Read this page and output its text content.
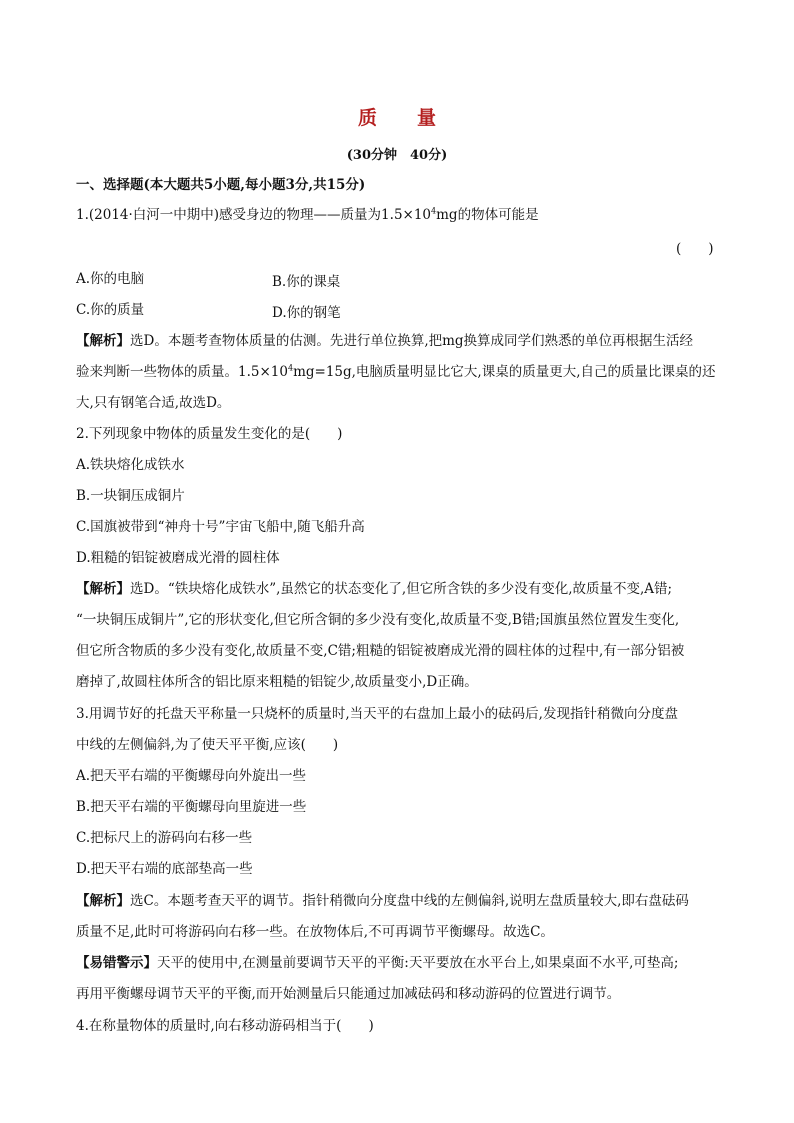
质 量
(30分钟　40分)
一、选择题(本大题共5小题,每小题3分,共15分)
1.(2014·白河一中期中)感受身边的物理——质量为$1.5\times 10^4mg$的物体可能是
(　　)
A.你的电脑	B.你的课桌
C.你的质量	D.你的钢笔
【解析】选D。本题考查物体质量的估测。先进行单位换算,把mg换算成同学们熟悉的单位再根据生活经
验来判断一些物体的质量。$1.5\times 10^4mg=15g$,电脑质量明显比它大,课桌的质量更大,自己的质量比课桌的还
大,只有钢笔合适,故选D。
2.下列现象中物体的质量发生变化的是(　　)
A.铁块熔化成铁水
B.一块铜压成铜片
C.国旗被带到“神舟十号”宇宙飞船中,随飞船升高
D.粗糙的铝锭被磨成光滑的圆柱体
【解析】选D。“铁块熔化成铁水”,虽然它的状态变化了,但它所含铁的多少没有变化,故质量不变,A错;
“一块铜压成铜片”,它的形状变化,但它所含铜的多少没有变化,故质量不变,B错;国旗虽然位置发生变化,
但它所含物质的多少没有变化,故质量不变,C错;粗糙的铝锭被磨成光滑的圆柱体的过程中,有一部分铝被
磨掉了,故圆柱体所含的铝比原来粗糙的铝锭少,故质量变小,D正确。
3.用调节好的托盘天平称量一只烧杯的质量时,当天平的右盘加上最小的砝码后,发现指针稍微向分度盘
中线的左侧偏斜,为了使天平平衡,应该(　　)
A.把天平右端的平衡螺母向外旋出一些
B.把天平右端的平衡螺母向里旋进一些
C.把标尺上的游码向右移一些
D.把天平右端的底部垫高一些
【解析】选C。本题考查天平的调节。指针稍微向分度盘中线的左侧偏斜,说明左盘质量较大,即右盘砝码
质量不足,此时可将游码向右移一些。在放物体后,不可再调节平衡螺母。故选C。
【易错警示】天平的使用中,在测量前要调节天平的平衡:天平要放在水平台上,如果桌面不水平,可垫高;
再用平衡螺母调节天平的平衡,而开始测量后只能通过加减砝码和移动游码的位置进行调节。
4.在称量物体的质量时,向右移动游码相当于(　　)
